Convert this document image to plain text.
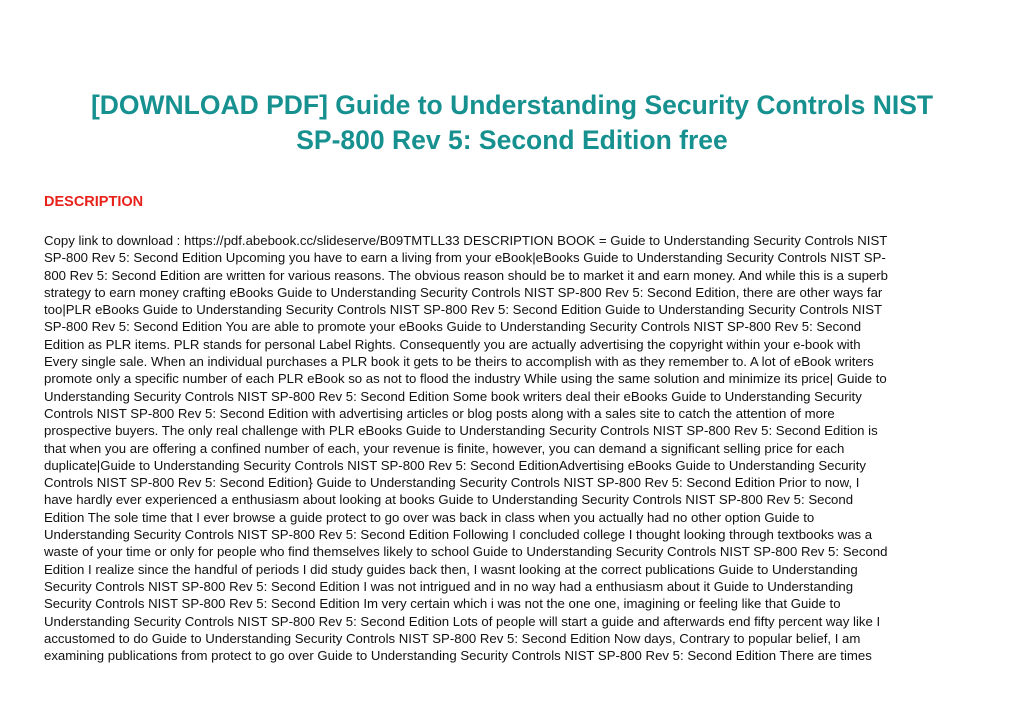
[DOWNLOAD PDF] Guide to Understanding Security Controls NIST
SP-800 Rev 5: Second Edition free
DESCRIPTION
Copy link to download : https://pdf.abebook.cc/slideserve/B09TMTLL33 DESCRIPTION BOOK = Guide to Understanding Security Controls NIST
SP-800 Rev 5: Second Edition Upcoming you have to earn a living from your eBook|eBooks Guide to Understanding Security Controls NIST SP-
800 Rev 5: Second Edition are written for various reasons. The obvious reason should be to market it and earn money. And while this is a superb
strategy to earn money crafting eBooks Guide to Understanding Security Controls NIST SP-800 Rev 5: Second Edition, there are other ways far
too|PLR eBooks Guide to Understanding Security Controls NIST SP-800 Rev 5: Second Edition Guide to Understanding Security Controls NIST
SP-800 Rev 5: Second Edition You are able to promote your eBooks Guide to Understanding Security Controls NIST SP-800 Rev 5: Second
Edition as PLR items. PLR stands for personal Label Rights. Consequently you are actually advertising the copyright within your e-book with
Every single sale. When an individual purchases a PLR book it gets to be theirs to accomplish with as they remember to. A lot of eBook writers
promote only a specific number of each PLR eBook so as not to flood the industry While using the same solution and minimize its price| Guide to
Understanding Security Controls NIST SP-800 Rev 5: Second Edition Some book writers deal their eBooks Guide to Understanding Security
Controls NIST SP-800 Rev 5: Second Edition with advertising articles or blog posts along with a sales site to catch the attention of more
prospective buyers. The only real challenge with PLR eBooks Guide to Understanding Security Controls NIST SP-800 Rev 5: Second Edition is
that when you are offering a confined number of each, your revenue is finite, however, you can demand a significant selling price for each
duplicate|Guide to Understanding Security Controls NIST SP-800 Rev 5: Second EditionAdvertising eBooks Guide to Understanding Security
Controls NIST SP-800 Rev 5: Second Edition} Guide to Understanding Security Controls NIST SP-800 Rev 5: Second Edition Prior to now, I
have hardly ever experienced a enthusiasm about looking at books Guide to Understanding Security Controls NIST SP-800 Rev 5: Second
Edition The sole time that I ever browse a guide protect to go over was back in class when you actually had no other option Guide to
Understanding Security Controls NIST SP-800 Rev 5: Second Edition Following I concluded college I thought looking through textbooks was a
waste of your time or only for people who find themselves likely to school Guide to Understanding Security Controls NIST SP-800 Rev 5: Second
Edition I realize since the handful of periods I did study guides back then, I wasnt looking at the correct publications Guide to Understanding
Security Controls NIST SP-800 Rev 5: Second Edition I was not intrigued and in no way had a enthusiasm about it Guide to Understanding
Security Controls NIST SP-800 Rev 5: Second Edition Im very certain which i was not the one one, imagining or feeling like that Guide to
Understanding Security Controls NIST SP-800 Rev 5: Second Edition Lots of people will start a guide and afterwards end fifty percent way like I
accustomed to do Guide to Understanding Security Controls NIST SP-800 Rev 5: Second Edition Now days, Contrary to popular belief, I am
examining publications from protect to go over Guide to Understanding Security Controls NIST SP-800 Rev 5: Second Edition There are times
